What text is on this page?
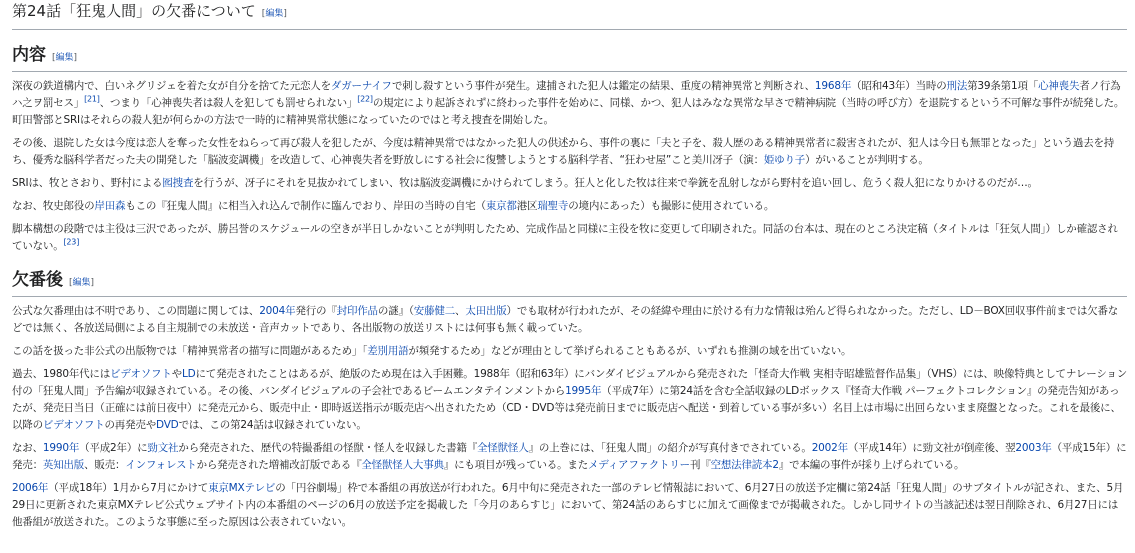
第24話「狂鬼人間」の欠番について [編集]
内容 [編集]

深夜の鉄道構内で、白いネグリジェを着た女が自分を捨てた元恋人をダガーナイフで刺し殺すという事件が発生。逮捕された犯人は鑑定の結果、重度の精神異常と判断され、1968年（昭和43年）当時の刑法第39条第1項「心神喪失者ノ行為ハ之ヲ罰セス」[21]、つまり「心神喪失者は殺人を犯しても罰せられない」[22]の規定により起訴されずに終わった事件を始めに、同様、かつ、犯人はみなな異常な早さで精神病院（当時の呼び方）を退院するという不可解な事件が続発した。町田警部とSRIはそれらの殺人犯が何らかの方法で一時的に精神異常状態になっていたのではと考え捜査を開始した。

その後、退院した女は今度は恋人を奪った女性をねらって再び殺人を犯したが、今度は精神異常ではなかった犯人の供述から、事件の裏に「夫と子を、殺人歴のある精神異常者に殺害されたが、犯人は今日も無罪となった」という過去を持ち、優秀な脳科学者だった夫の開発した「脳波変調機」を改造して、心神喪失者を野放しにする社会に復讐しようとする脳科学者、“狂わせ屋”こと美川冴子（演：姫ゆり子）がいることが判明する。

SRIは、牧とさおり、野村による囮捜査を行うが、冴子にそれを見抜かれてしまい、牧は脳波変調機にかけられてしまう。狂人と化した牧は往来で拳銃を乱射しながら野村を追い回し、危うく殺人犯になりかけるのだが…。

なお、牧史郎役の岸田森もこの『狂鬼人間』に相当入れ込んで制作に臨んでおり、岸田の当時の自宅（東京都港区瑞聖寺の境内にあった）も撮影に使用されている。

脚本構想の段階では主役は三沢であったが、勝呂誉のスケジュールの空きが半日しかないことが判明したため、完成作品と同様に主役を牧に変更して印刷された。同話の台本は、現在のところ決定稿（タイトルは「狂気人間」）しか確認されていない。[23]

欠番後 [編集]

公式な欠番理由は不明であり、この問題に関しては、2004年発行の『封印作品の謎』（安藤健二、太田出版）でも取材が行われたが、その経緯や理由に於ける有力な情報は殆んど得られなかった。ただし、LD－BOX回収事件前までは欠番などでは無く、各放送局側による自主規制での未放送・音声カットであり、各出版物の放送リストには何事も無く載っていた。

この話を扱った非公式の出版物では「精神異常者の描写に問題があるため」「差別用語が頻発するため」などが理由として挙げられることもあるが、いずれも推測の域を出ていない。

過去、1980年代にはビデオソフトやLDにて発売されたことはあるが、絶版のため現在は入手困難。1988年（昭和63年）にバンダイビジュアルから発売された「怪奇大作戦 実相寺昭雄監督作品集」（VHS）には、映像特典としてナレーション付の「狂鬼人間」予告編が収録されている。その後、バンダイビジュアルの子会社であるビームエンタテインメントから1995年（平成7年）に第24話を含む全話収録のLDボックス『怪奇大作戦 パーフェクトコレクション』の発売告知があったが、発売日当日（正確には前日夜中）に発売元から、販売中止・即時返送指示が販売店へ出されたため（CD・DVD等は発売前日までに販売店へ配送・到着している事が多い）名目上は市場に出回らないまま廃盤となった。これを最後に、以降のビデオソフトの再発売やDVDでは、この第24話は収録されていない。

なお、1990年（平成2年）に勁文社から発売された、歴代の特撮番組の怪獣・怪人を収録した書籍『全怪獣怪人』の上巻には、「狂鬼人間」の紹介が写真付きでされている。2002年（平成14年）に勁文社が倒産後、翌2003年（平成15年）に発売：英知出版、販売：インフォレストから発売された増補改訂版である『全怪獣怪人大事典』にも項目が残っている。またメディアファクトリー刊『空想法律読本2』で本編の事件が採り上げられている。

2006年（平成18年）1月から7月にかけて東京MXテレビの「円谷劇場」枠で本番組の再放送が行われた。6月中旬に発売された一部のテレビ情報誌において、6月27日の放送予定欄に第24話「狂鬼人間」のサブタイトルが記され、また、5月29日に更新された東京MXテレビ公式ウェブサイト内の本番組のページの6月の放送予定を掲載した「今月のあらすじ」において、第24話のあらすじに加えて画像までが掲載された。しかし同サイトの当該記述は翌日削除され、6月27日には他番組が放送された。このような事態に至った原因は公表されていない。
